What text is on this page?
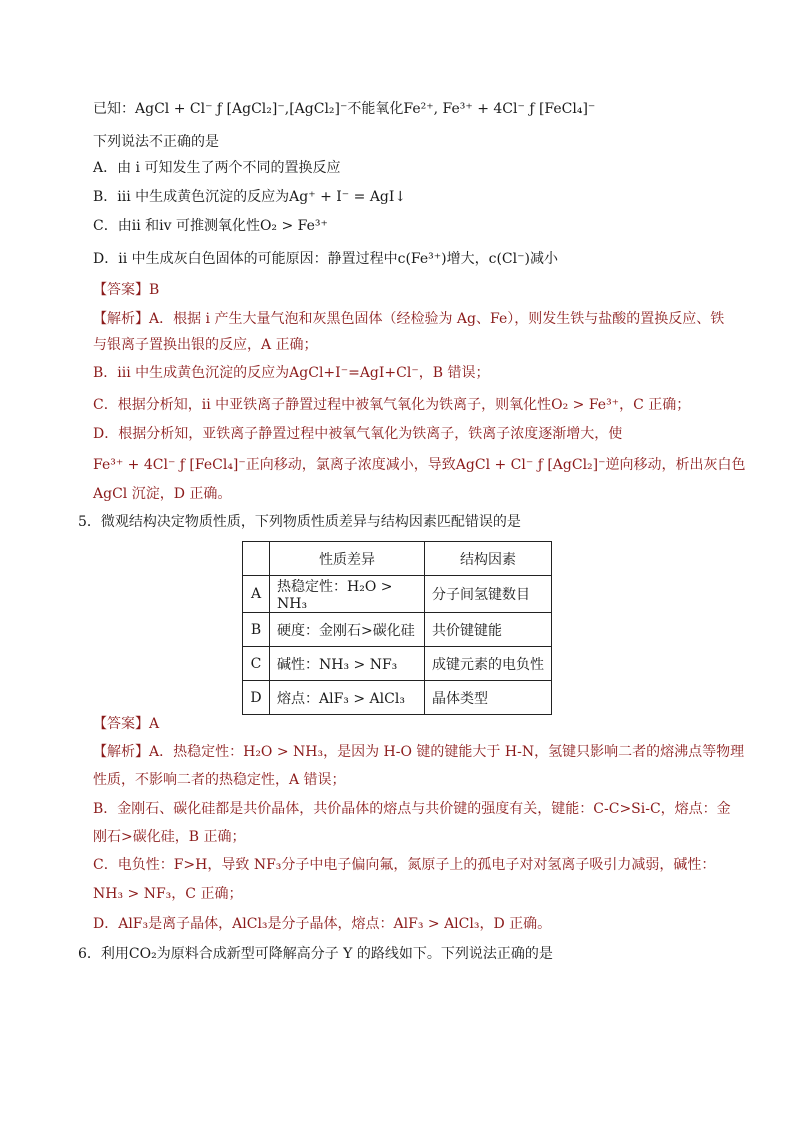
已知：AgCl + Cl⁻ ƒ [AgCl₂]⁻,[AgCl₂]⁻不能氧化Fe²⁺, Fe³⁺ + 4Cl⁻ ƒ [FeCl₄]⁻
下列说法不正确的是
A．由 i 可知发生了两个不同的置换反应
B．iii 中生成黄色沉淀的反应为Ag⁺ + I⁻ = AgI↓
C．由ii 和iv 可推测氧化性O₂ > Fe³⁺
D．ii 中生成灰白色固体的可能原因：静置过程中c(Fe³⁺)增大，c(Cl⁻)减小
【答案】B
【解析】A．根据 i 产生大量气泡和灰黑色固体（经检验为 Ag、Fe），则发生铁与盐酸的置换反应、铁
与银离子置换出银的反应，A 正确；
B．iii 中生成黄色沉淀的反应为AgCl+I⁻=AgI+Cl⁻，B 错误；
C．根据分析知，ii 中亚铁离子静置过程中被氧气氧化为铁离子，则氧化性O₂ > Fe³⁺，C 正确；
D．根据分析知，亚铁离子静置过程中被氧气氧化为铁离子，铁离子浓度逐渐增大，使
Fe³⁺ + 4Cl⁻ ƒ [FeCl₄]⁻正向移动，氯离子浓度减小，导致AgCl + Cl⁻ ƒ [AgCl₂]⁻逆向移动，析出灰白色
AgCl 沉淀，D 正确。
5．微观结构决定物质性质，下列物质性质差异与结构因素匹配错误的是
	性质差异	结构因素
A	热稳定性：H₂O > NH₃	分子间氢键数目
B	硬度：金刚石>碳化硅	共价键键能
C	碱性：NH₃ > NF₃	成键元素的电负性
D	熔点：AlF₃ > AlCl₃	晶体类型
【答案】A
【解析】A．热稳定性：H₂O > NH₃，是因为 H-O 键的键能大于 H-N，氢键只影响二者的熔沸点等物理
性质，不影响二者的热稳定性，A 错误；
B．金刚石、碳化硅都是共价晶体，共价晶体的熔点与共价键的强度有关，键能：C-C>Si-C，熔点：金
刚石>碳化硅，B 正确；
C．电负性：F>H，导致 NF₃分子中电子偏向氟，氮原子上的孤电子对对氢离子吸引力减弱，碱性：
NH₃ > NF₃，C 正确；
D．AlF₃是离子晶体，AlCl₃是分子晶体，熔点：AlF₃ > AlCl₃，D 正确。
6．利用CO₂为原料合成新型可降解高分子 Y 的路线如下。下列说法正确的是
